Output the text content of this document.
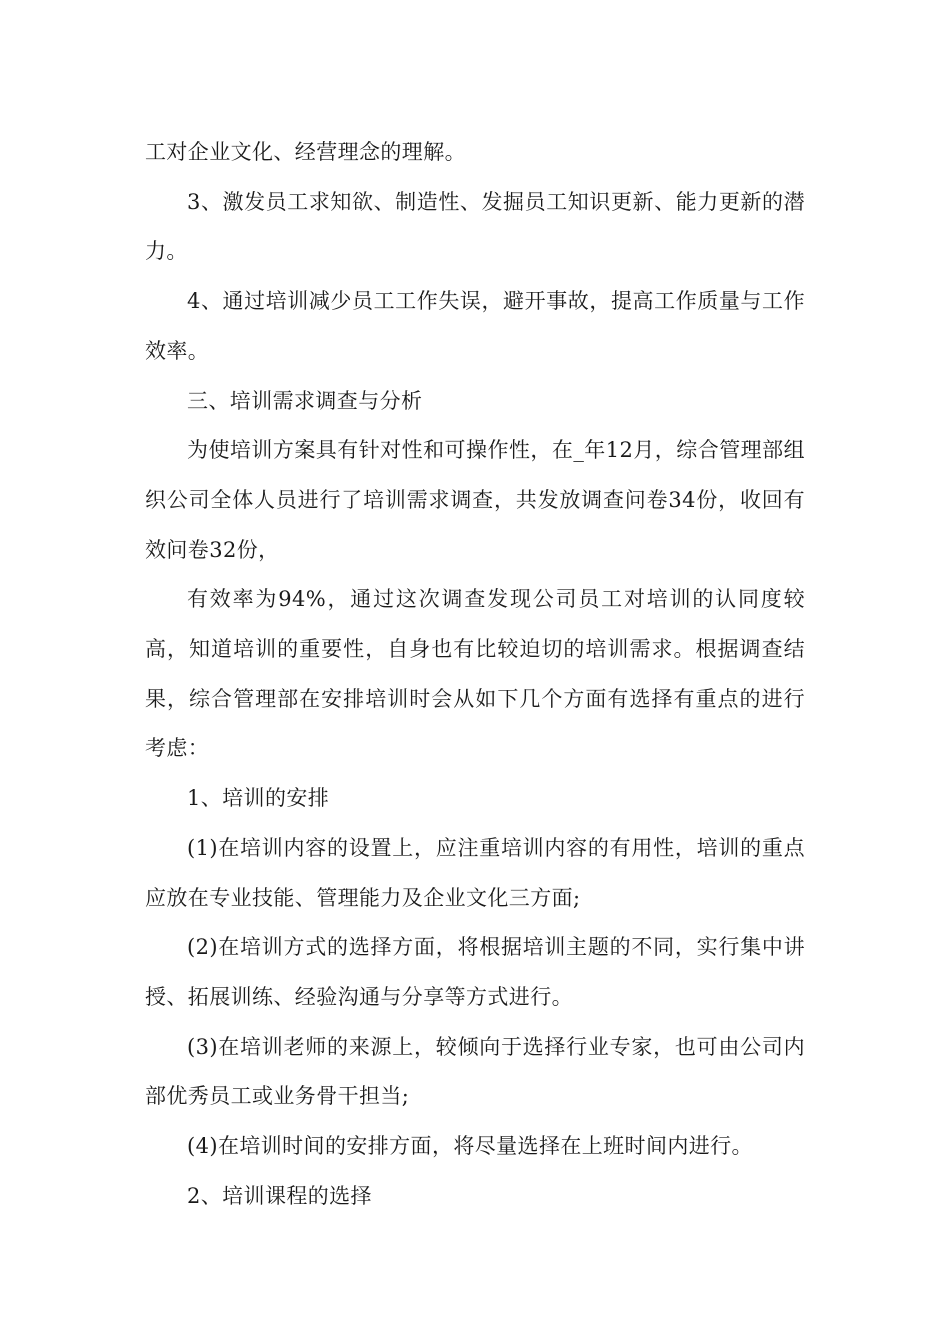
工对企业文化、经营理念的理解。

3、激发员工求知欲、制造性、发掘员工知识更新、能力更新的潜力。

4、通过培训减少员工工作失误，避开事故，提高工作质量与工作效率。

三、培训需求调查与分析

为使培训方案具有针对性和可操作性，在_年12月，综合管理部组织公司全体人员进行了培训需求调查，共发放调查问卷34份，收回有效问卷32份，

有效率为94%，通过这次调查发现公司员工对培训的认同度较高，知道培训的重要性，自身也有比较迫切的培训需求。根据调查结果，综合管理部在安排培训时会从如下几个方面有选择有重点的进行考虑：

1、培训的安排

(1)在培训内容的设置上，应注重培训内容的有用性，培训的重点应放在专业技能、管理能力及企业文化三方面;

(2)在培训方式的选择方面，将根据培训主题的不同，实行集中讲授、拓展训练、经验沟通与分享等方式进行。

(3)在培训老师的来源上，较倾向于选择行业专家，也可由公司内部优秀员工或业务骨干担当;

(4)在培训时间的安排方面，将尽量选择在上班时间内进行。

2、培训课程的选择
